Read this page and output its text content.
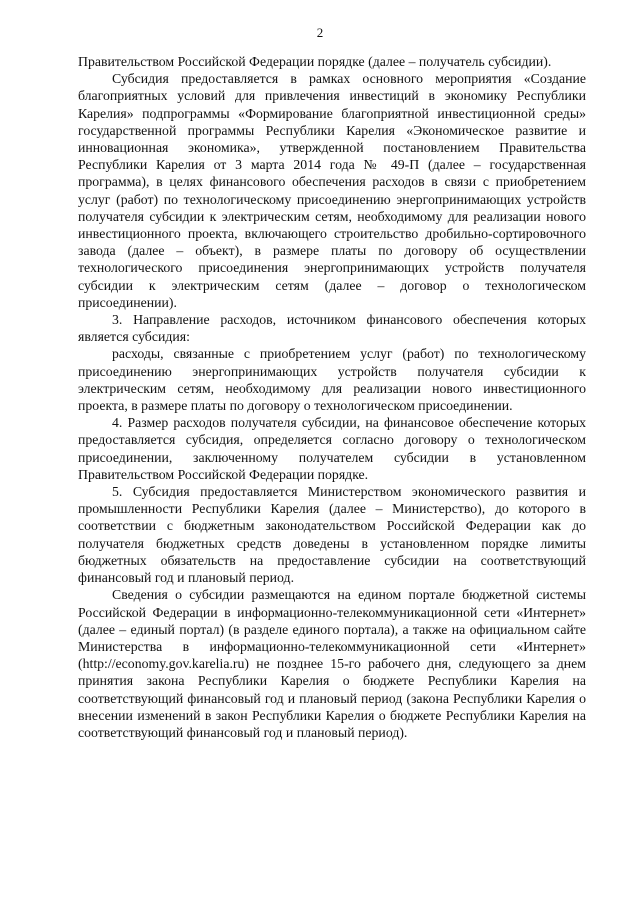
2

Правительством Российской Федерации порядке (далее – получатель субсидии).

Субсидия предоставляется в рамках основного мероприятия «Создание благоприятных условий для привлечения инвестиций в экономику Республики Карелия» подпрограммы «Формирование благоприятной инвестиционной среды» государственной программы Республики Карелия «Экономическое развитие и инновационная экономика», утвержденной постановлением Правительства Республики Карелия от 3 марта 2014 года № 49-П (далее – государственная программа), в целях финансового обеспечения расходов в связи с приобретением услуг (работ) по технологическому присоединению энергопринимающих устройств получателя субсидии к электрическим сетям, необходимому для реализации нового инвестиционного проекта, включающего строительство дробильно-сортировочного завода (далее – объект), в размере платы по договору об осуществлении технологического присоединения энергопринимающих устройств получателя субсидии к электрическим сетям (далее – договор о технологическом присоединении).

3. Направление расходов, источником финансового обеспечения которых является субсидия:

расходы, связанные с приобретением услуг (работ) по технологическому присоединению энергопринимающих устройств получателя субсидии к электрическим сетям, необходимому для реализации нового инвестиционного проекта, в размере платы по договору о технологическом присоединении.

4. Размер расходов получателя субсидии, на финансовое обеспечение которых предоставляется субсидия, определяется согласно договору о технологическом присоединении, заключенному получателем субсидии в установленном Правительством Российской Федерации порядке.

5. Субсидия предоставляется Министерством экономического развития и промышленности Республики Карелия (далее – Министерство), до которого в соответствии с бюджетным законодательством Российской Федерации как до получателя бюджетных средств доведены в установленном порядке лимиты бюджетных обязательств на предоставление субсидии на соответствующий финансовый год и плановый период.

Сведения о субсидии размещаются на едином портале бюджетной системы Российской Федерации в информационно-телекоммуникационной сети «Интернет» (далее – единый портал) (в разделе единого портала), а также на официальном сайте Министерства в информационно-телекоммуникационной сети «Интернет» (http://economy.gov.karelia.ru) не позднее 15-го рабочего дня, следующего за днем принятия закона Республики Карелия о бюджете Республики Карелия на соответствующий финансовый год и плановый период (закона Республики Карелия о внесении изменений в закон Республики Карелия о бюджете Республики Карелия на соответствующий финансовый год и плановый период).
